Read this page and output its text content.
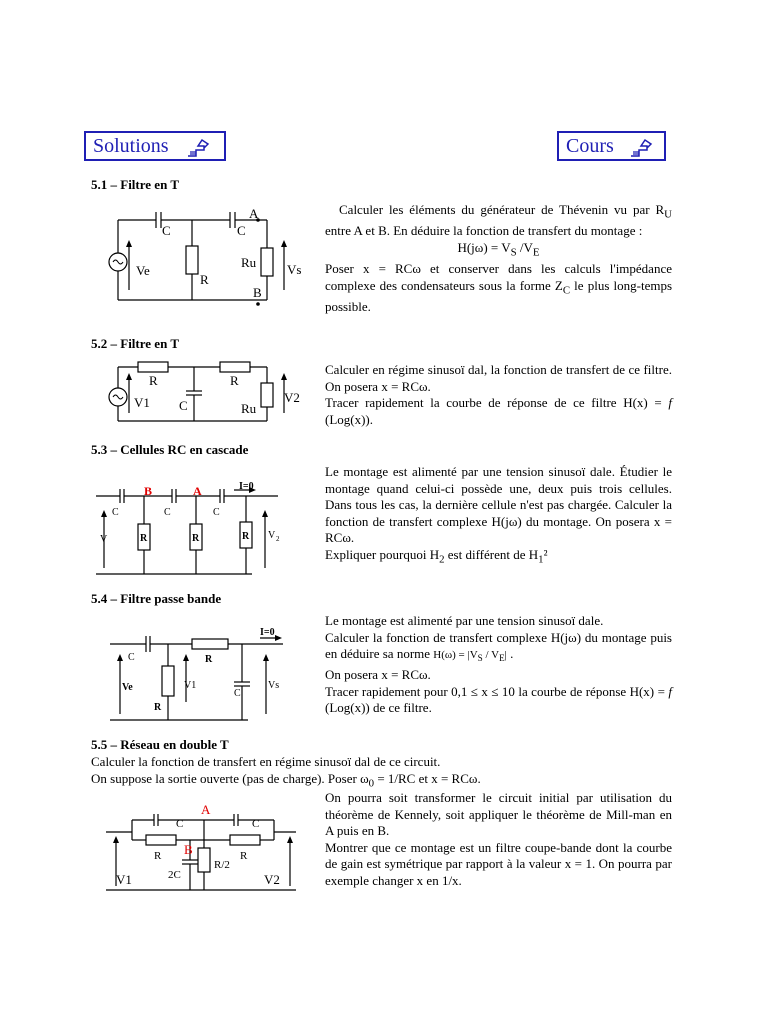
Solutions	Cours
5.1 – Filtre en T
C	C
A
B
Ve
R
Ru Vs

Calculer les éléments du générateur de Thévenin vu par $R_U$ entre A et B. En déduire la fonction de transfert du montage :

$H(j\omega) = V_S$ $/V_E$

Poser x = RCω et conserver dans les calculs l'impédance complexe des condensateurs sous la forme $Z_C$ le plus long-temps possible.

5.2 – Filtre en T
R	R
V1 C	Ru
V2

Calculer en régime sinusoï dal, la fonction de transfert de ce filtre. On posera x = RCω.

Tracer rapidement la courbe de réponse de ce filtre H(x) = f (Log(x)).

5.3 – Cellules RC en cascade
B	A	I=0
C	C	C
V	R	R	R V 2

Le montage est alimenté par une tension sinusoï dale. Étudier le montage quand celui-ci possède une, deux puis trois cellules. Dans tous les cas, la dernière cellule n'est pas chargée. Calculer la fonction de transfert complexe H(jω) du montage. On posera x = RCω.

Expliquer pourquoi $H_2$ est différent de $H_1^2$

5.4 – Filtre passe bande
I=0
C	R
Ve	V1
R
C
Vs

Le montage est alimenté par une tension sinusoï dale.

Calculer la fonction de transfert complexe H(jω) du montage puis en déduire sa norme $H(\omega) = |V_S / V_E|$ .

On posera x = RCω.

Tracer rapidement pour 0,1 ≤ x ≤ 10 la courbe de réponse H(x) = f (Log(x)) de ce filtre.

5.5 – Réseau en double T

Calculer la fonction de transfert en régime sinusoï dal de ce circuit.

On suppose la sortie ouverte (pas de charge). Poser $\omega_0 = 1/RC$ et x = RCω.

A
C	C
R	R
B
R/2
2C
V1	V2

On pourra soit transformer le circuit initial par utilisation du théorème de Kennely, soit appliquer le théorème de Mill-man en A puis en B.

Montrer que ce montage est un filtre coupe-bande dont la courbe de gain est symétrique par rapport à la valeur x = 1. On pourra par exemple changer x en 1/x.
